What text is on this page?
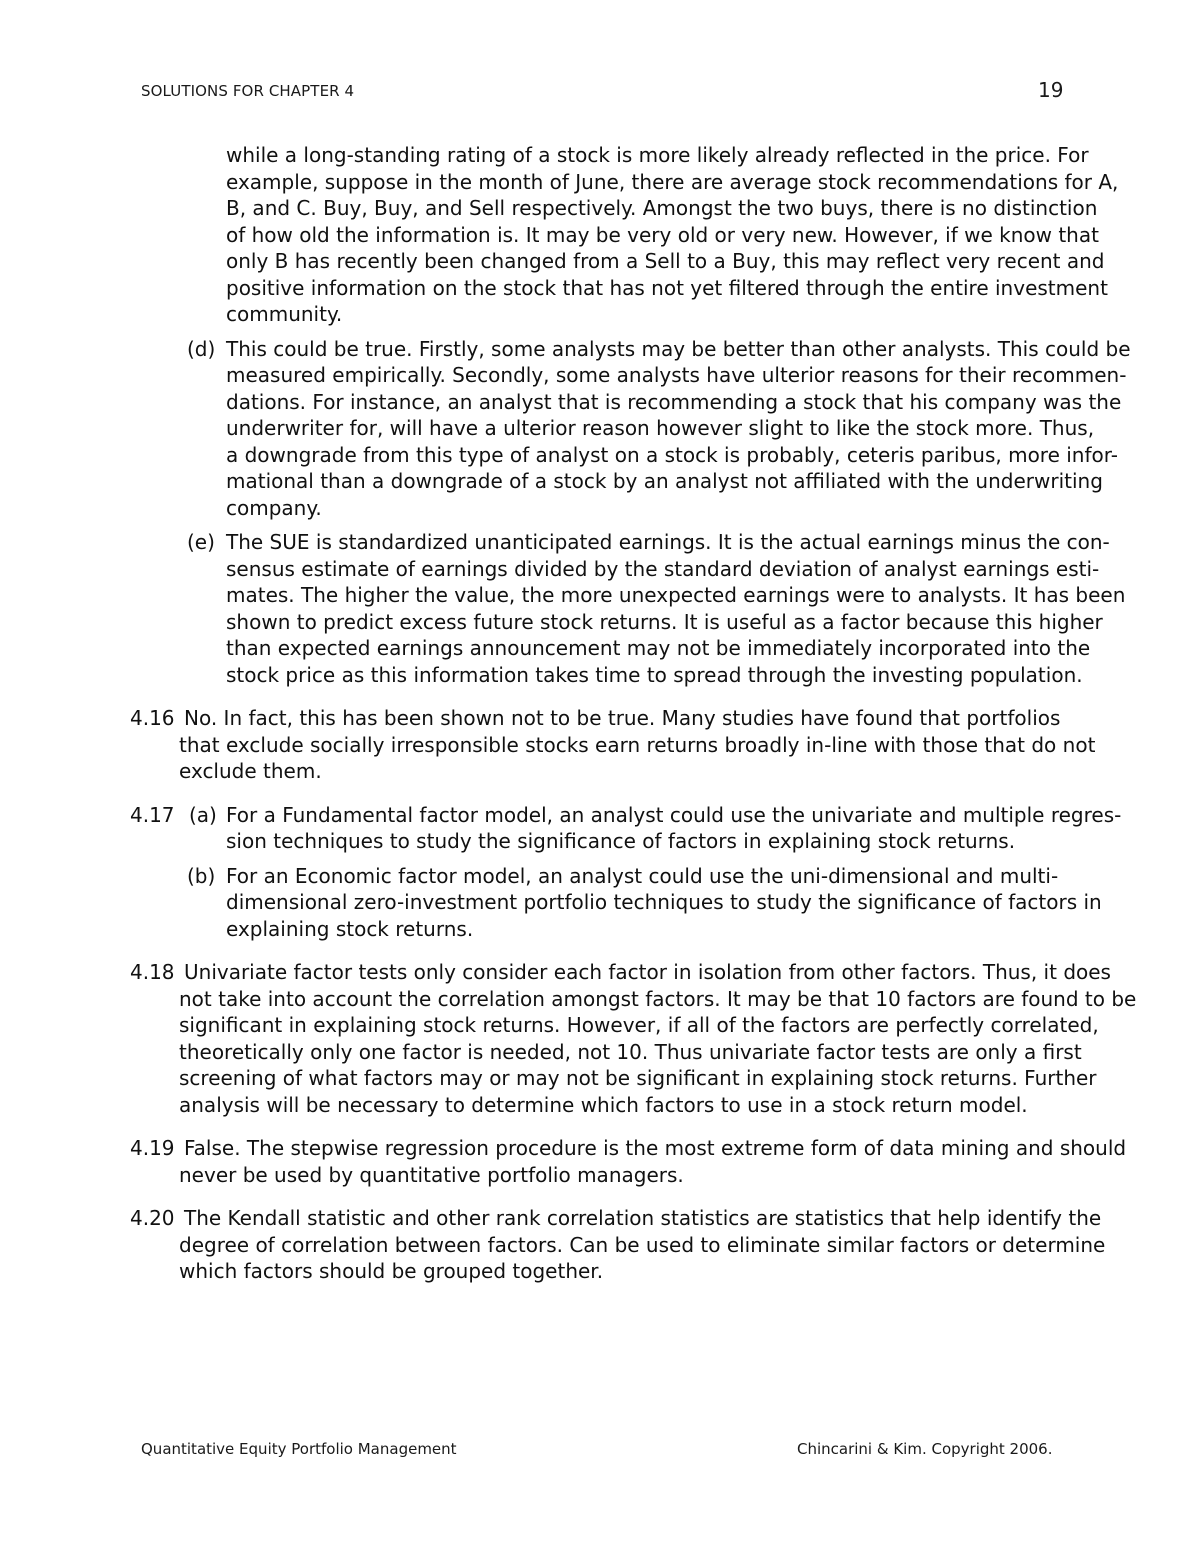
SOLUTIONS FOR CHAPTER 4	19
while a long-standing rating of a stock is more likely already reflected in the price. For
example, suppose in the month of June, there are average stock recommendations for A,
B, and C. Buy, Buy, and Sell respectively. Amongst the two buys, there is no distinction
of how old the information is. It may be very old or very new. However, if we know that
only B has recently been changed from a Sell to a Buy, this may reflect very recent and
positive information on the stock that has not yet filtered through the entire investment
community.
(d) This could be true. Firstly, some analysts may be better than other analysts. This could be
measured empirically. Secondly, some analysts have ulterior reasons for their recommen-
dations. For instance, an analyst that is recommending a stock that his company was the
underwriter for, will have a ulterior reason however slight to like the stock more. Thus,
a downgrade from this type of analyst on a stock is probably, ceteris paribus, more infor-
mational than a downgrade of a stock by an analyst not affiliated with the underwriting
company.
(e) The SUE is standardized unanticipated earnings. It is the actual earnings minus the con-
sensus estimate of earnings divided by the standard deviation of analyst earnings esti-
mates. The higher the value, the more unexpected earnings were to analysts. It has been
shown to predict excess future stock returns. It is useful as a factor because this higher
than expected earnings announcement may not be immediately incorporated into the
stock price as this information takes time to spread through the investing population.
4.16 No. In fact, this has been shown not to be true. Many studies have found that portfolios

that exclude socially irresponsible stocks earn returns broadly in-line with those that do not
exclude them.
4.17 (a) For a Fundamental factor model, an analyst could use the univariate and multiple regres-
sion techniques to study the significance of factors in explaining stock returns.
(b) For an Economic factor model, an analyst could use the uni-dimensional and multi-
dimensional zero-investment portfolio techniques to study the significance of factors in
explaining stock returns.
4.18 Univariate factor tests only consider each factor in isolation from other factors. Thus, it does

not take into account the correlation amongst factors. It may be that 10 factors are found to be
significant in explaining stock returns. However, if all of the factors are perfectly correlated,
theoretically only one factor is needed, not 10. Thus univariate factor tests are only a first
screening of what factors may or may not be significant in explaining stock returns. Further
analysis will be necessary to determine which factors to use in a stock return model.
4.19 False. The stepwise regression procedure is the most extreme form of data mining and should

never be used by quantitative portfolio managers.
4.20 The Kendall statistic and other rank correlation statistics are statistics that help identify the

degree of correlation between factors. Can be used to eliminate similar factors or determine
which factors should be grouped together.
Quantitative Equity Portfolio Management	Chincarini & Kim. Copyright 2006.
